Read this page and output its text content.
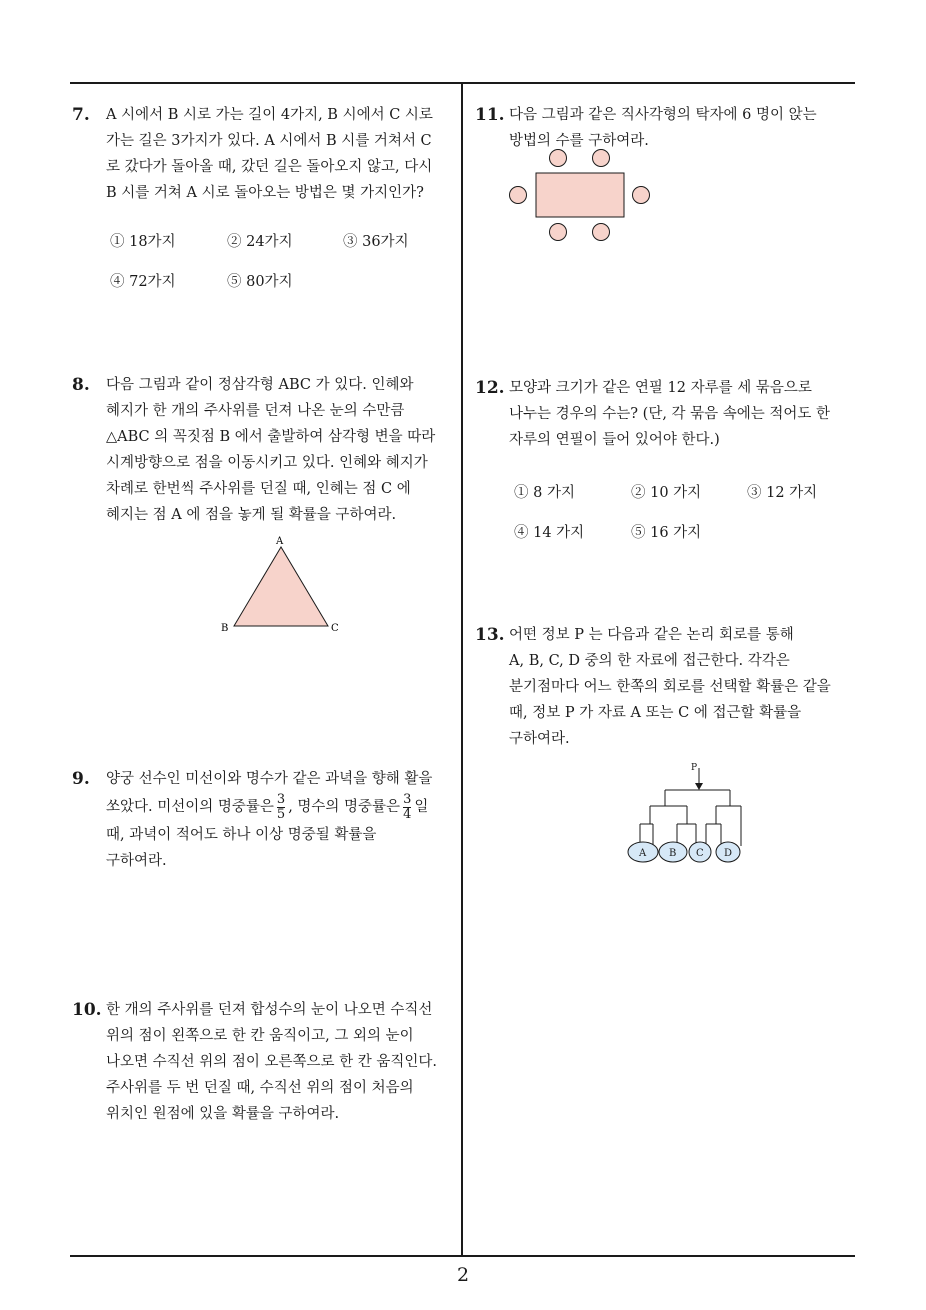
7. A 시에서 B 시로 가는 길이 4가지, B 시에서 C 시로

가는 길은 3가지가 있다. A 시에서 B 시를 거쳐서 C

로 갔다가 돌아올 때, 갔던 길은 돌아오지 않고, 다시

B 시를 거쳐 A 시로 돌아오는 방법은 몇 가지인가?

① 18가지	② 24가지	③ 36가지
④ 72가지	⑤ 80가지
8. 다음 그림과 같이 정삼각형 ABC 가 있다. 인혜와

혜지가 한 개의 주사위를 던져 나온 눈의 수만큼

△ABC 의 꼭짓점 B 에서 출발하여 삼각형 변을 따라

시계방향으로 점을 이동시키고 있다. 인혜와 혜지가

차례로 한번씩 주사위를 던질 때, 인혜는 점 C 에

혜지는 점 A 에 점을 놓게 될 확률을 구하여라.

A
B	C
9. 양궁 선수인 미선이와 명수가 같은 과녁을 향해 활을

쏘았다. 미선이의 명중률은 $\frac{3}{5}$ , 명수의 명중률은 $\frac{3}{4}$ 일

때, 과녁이 적어도 하나 이상 명중될 확률을

구하여라.

10. 한 개의 주사위를 던져 합성수의 눈이 나오면 수직선

위의 점이 왼쪽으로 한 칸 움직이고, 그 외의 눈이

나오면 수직선 위의 점이 오른쪽으로 한 칸 움직인다.

주사위를 두 번 던질 때, 수직선 위의 점이 처음의

위치인 원점에 있을 확률을 구하여라.

11. 다음 그림과 같은 직사각형의 탁자에 6 명이 앉는

방법의 수를 구하여라.

12. 모양과 크기가 같은 연필 12 자루를 세 묶음으로

나누는 경우의 수는? (단, 각 묶음 속에는 적어도 한

자루의 연필이 들어 있어야 한다.)

① 8 가지	② 10 가지	③ 12 가지
④ 14 가지	⑤ 16 가지
13. 어떤 정보 P 는 다음과 같은 논리 회로를 통해

A, B, C, D 중의 한 자료에 접근한다. 각각은

분기점마다 어느 한쪽의 회로를 선택할 확률은 같을

때, 정보 P 가 자료 A 또는 C 에 접근할 확률을

구하여라.

P
A B C D
2
